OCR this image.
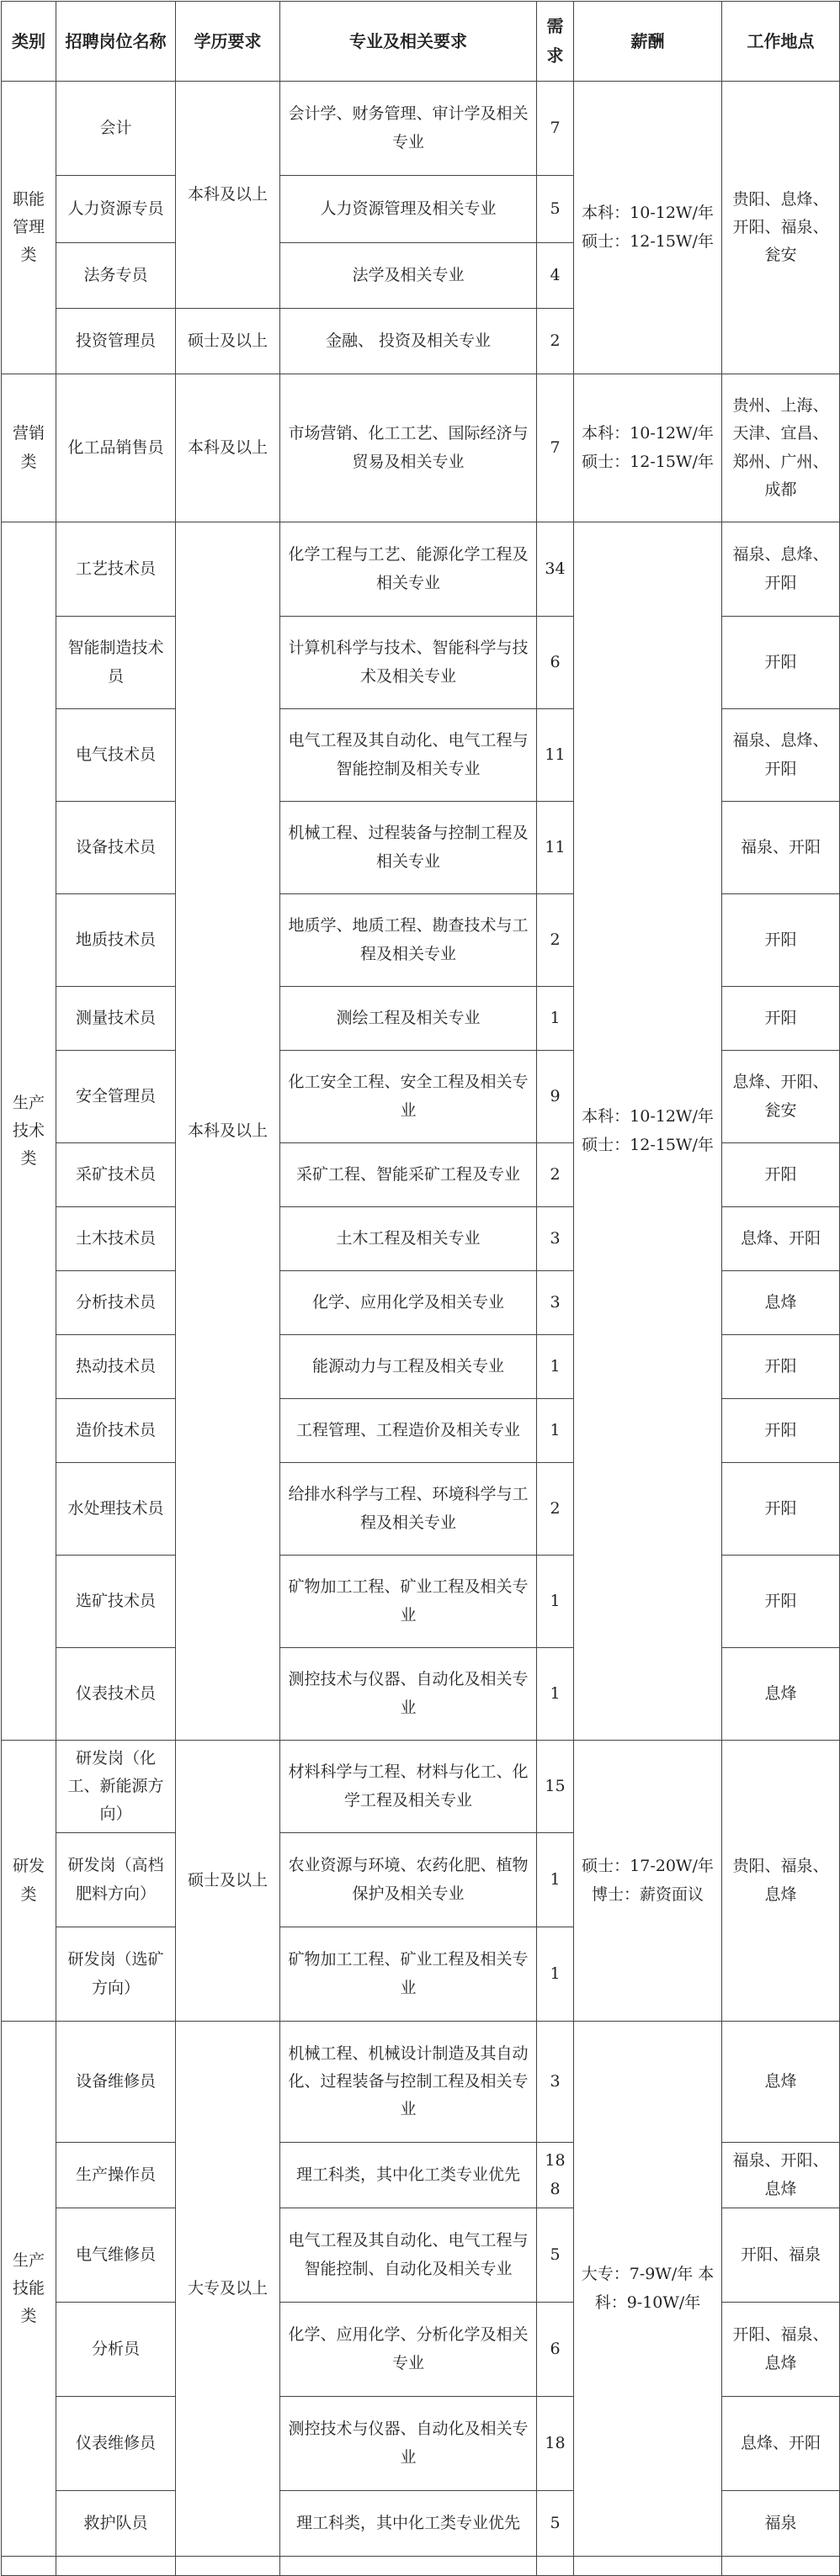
类别	招聘岗位名称	学历要求	专业及相关要求	需求	薪酬	工作地点
职能管理类	会计	本科及以上	会计学、财务管理、审计学及相关专业	7	本科：10-12W/年 硕士：12-15W/年	贵阳、息烽、开阳、福泉、瓮安
	人力资源专员		人力资源管理及相关专业	5		
	法务专员		法学及相关专业	4		
	投资管理员	硕士及以上	金融、 投资及相关专业	2		
营销类	化工品销售员	本科及以上	市场营销、化工工艺、国际经济与贸易及相关专业	7	本科：10-12W/年 硕士：12-15W/年	贵州、上海、天津、宜昌、郑州、广州、成都
生产技术类	工艺技术员	本科及以上	化学工程与工艺、能源化学工程及相关专业	34	本科：10-12W/年 硕士：12-15W/年	福泉、息烽、开阳
	智能制造技术员		计算机科学与技术、智能科学与技术及相关专业	6		开阳
	电气技术员		电气工程及其自动化、电气工程与智能控制及相关专业	11		福泉、息烽、开阳
	设备技术员		机械工程、过程装备与控制工程及相关专业	11		福泉、开阳
	地质技术员		地质学、地质工程、勘查技术与工程及相关专业	2		开阳
	测量技术员		测绘工程及相关专业	1		开阳
	安全管理员		化工安全工程、安全工程及相关专业	9		息烽、开阳、瓮安
	采矿技术员		采矿工程、智能采矿工程及专业	2		开阳
	土木技术员		土木工程及相关专业	3		息烽、开阳
	分析技术员		化学、应用化学及相关专业	3		息烽
	热动技术员		能源动力与工程及相关专业	1		开阳
	造价技术员		工程管理、工程造价及相关专业	1		开阳
	水处理技术员		给排水科学与工程、环境科学与工程及相关专业	2		开阳
	选矿技术员		矿物加工工程、矿业工程及相关专业	1		开阳
	仪表技术员		测控技术与仪器、自动化及相关专业	1		息烽
研发类	研发岗（化工、新能源方向）	硕士及以上	材料科学与工程、材料与化工、化学工程及相关专业	15	硕士：17-20W/年 博士：薪资面议	贵阳、福泉、息烽
	研发岗（高档肥料方向）		农业资源与环境、农药化肥、植物保护及相关专业	1		
	研发岗（选矿方向）		矿物加工工程、矿业工程及相关专业	1		
生产技能类	设备维修员	大专及以上	机械工程、机械设计制造及其自动化、过程装备与控制工程及相关专业	3	大专：7-9W/年 本科：9-10W/年	息烽
	生产操作员		理工科类，其中化工类专业优先	188		福泉、开阳、息烽
	电气维修员		电气工程及其自动化、电气工程与智能控制、自动化及相关专业	5		开阳、福泉
	分析员		化学、应用化学、分析化学及相关专业	6		开阳、福泉、息烽
	仪表维修员		测控技术与仪器、自动化及相关专业	18		息烽、开阳
	救护队员		理工科类，其中化工类专业优先	5		福泉
